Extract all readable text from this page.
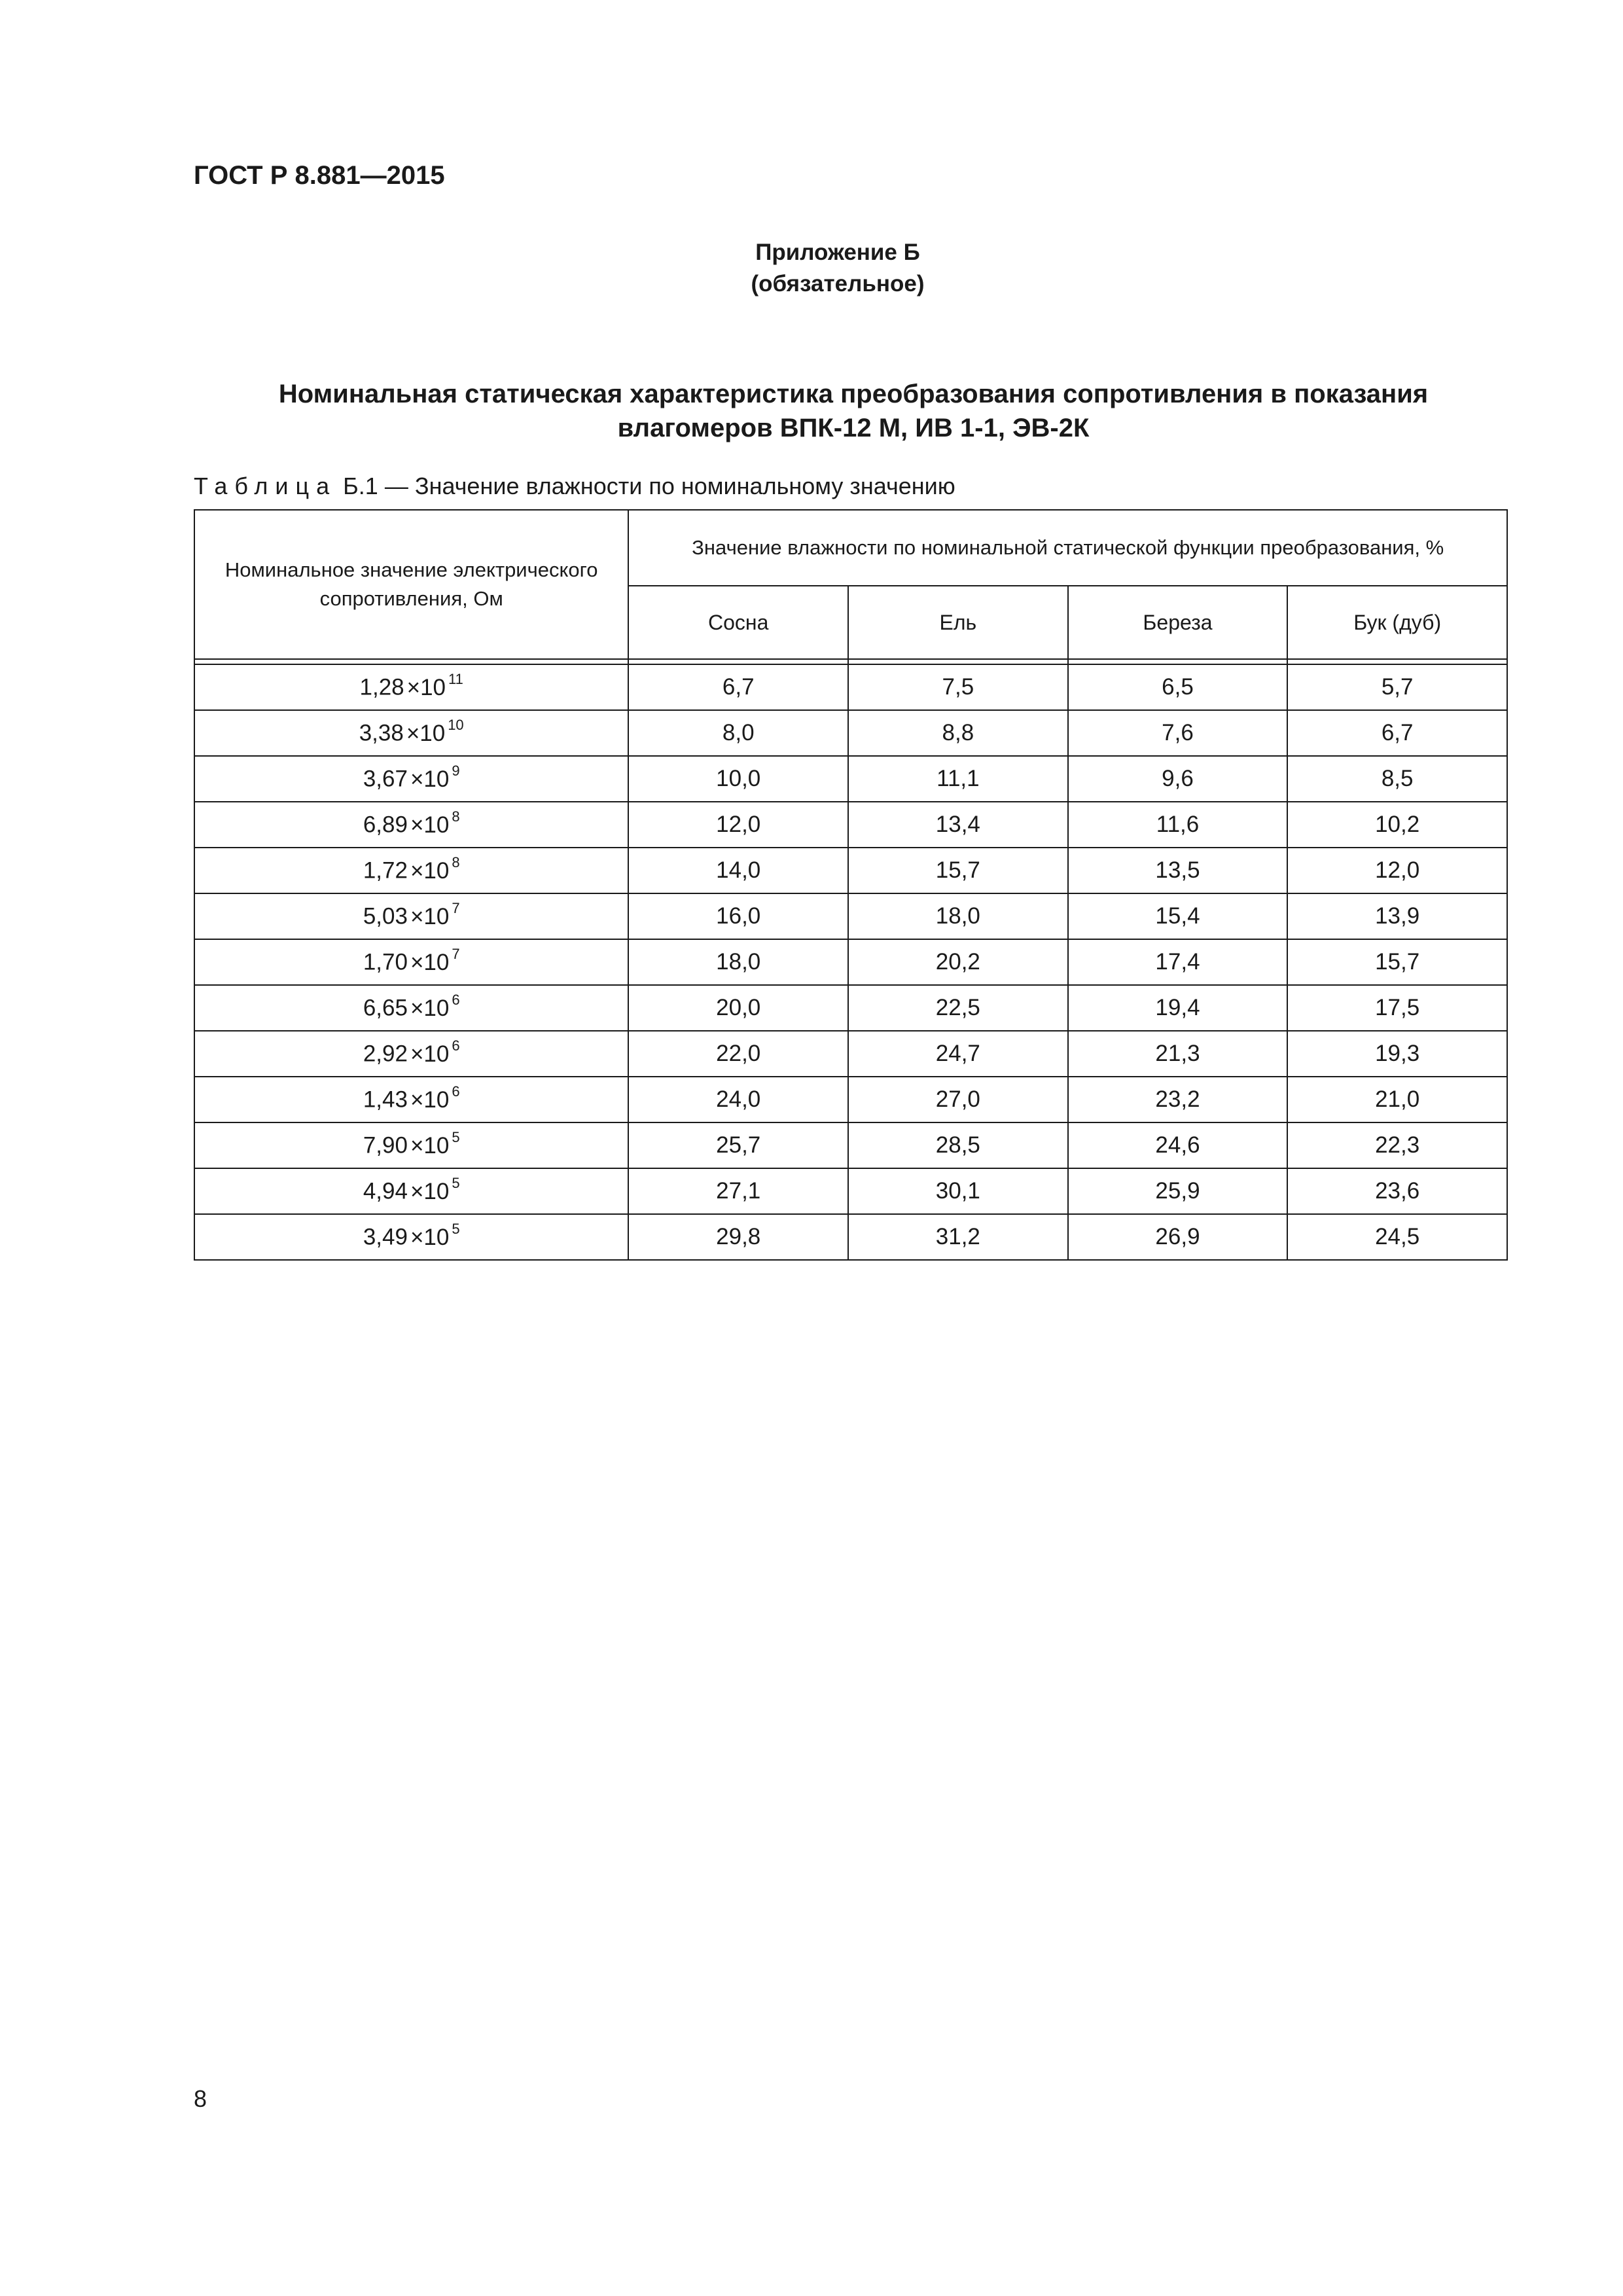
ГОСТ Р 8.881—2015
Приложение Б
(обязательное)
Номинальная статическая характеристика преобразования сопротивления в показания
влагомеров ВПК-12 М, ИВ 1-1, ЭВ-2К
Таблица Б.1 — Значение влажности по номинальному значению
Номинальное значение электрического сопротивления, Ом	Значение влажности по номинальной статической функции преобразования, %			
	Сосна	Ель	Береза	Бук (дуб)

1,28 ×10 $^{11}$	6,7	7,5	6,5	5,7
3,38 ×10 $^{10}$	8,0	8,8	7,6	6,7
3,67 ×10 $^9$	10,0	11,1	9,6	8,5
6,89 ×10 $^8$	12,0	13,4	11,6	10,2
1,72 ×10 $^8$	14,0	15,7	13,5	12,0
5,03 ×10 $^7$	16,0	18,0	15,4	13,9
1,70 ×10 $^7$	18,0	20,2	17,4	15,7
6,65 ×10 $^6$	20,0	22,5	19,4	17,5
2,92 ×10 $^6$	22,0	24,7	21,3	19,3
1,43 ×10 $^6$	24,0	27,0	23,2	21,0
7,90 ×10 $^5$	25,7	28,5	24,6	22,3
4,94 ×10 $^5$	27,1	30,1	25,9	23,6
3,49 ×10 $^5$	29,8	31,2	26,9	24,5
8
